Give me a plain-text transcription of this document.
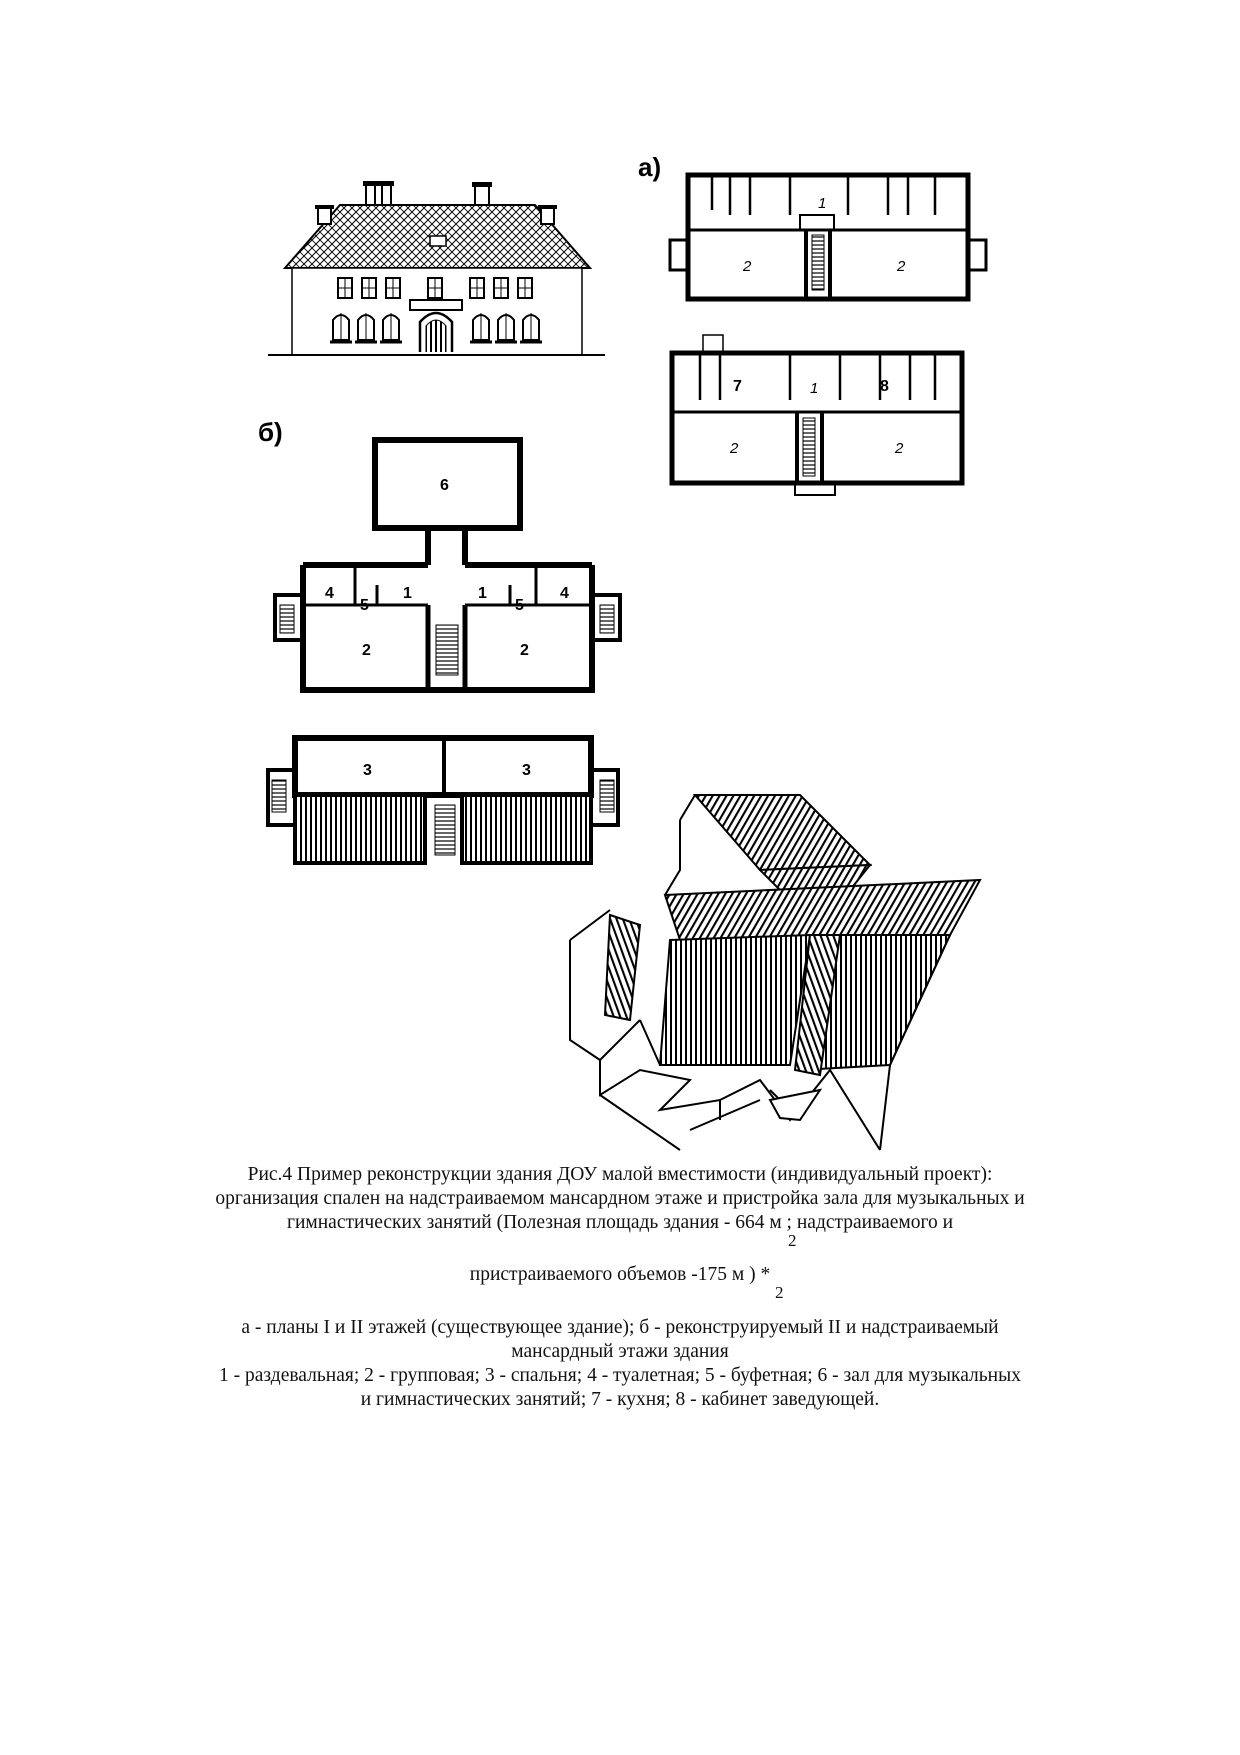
2	2
1
7	8
1
2	2
6
4
5
1	1
5
4
2	2
3	3
а)
б)
Рис.4 Пример реконструкции здания ДОУ малой вместимости (индивидуальный проект):
организация спален на надстраиваемом мансардном этаже и пристройка зала для музыкальных и
гимнастических занятий (Полезная площадь здания - 664 м ; надстраиваемого и
2
пристраиваемого объемов -175 м ) *
2
а - планы I и II этажей (существующее здание); б - реконструируемый II и надстраиваемый
мансардный этажи здания
1 - раздевальная; 2 - групповая; 3 - спальня; 4 - туалетная; 5 - буфетная; 6 - зал для музыкальных
и гимнастических занятий; 7 - кухня; 8 - кабинет заведующей.
